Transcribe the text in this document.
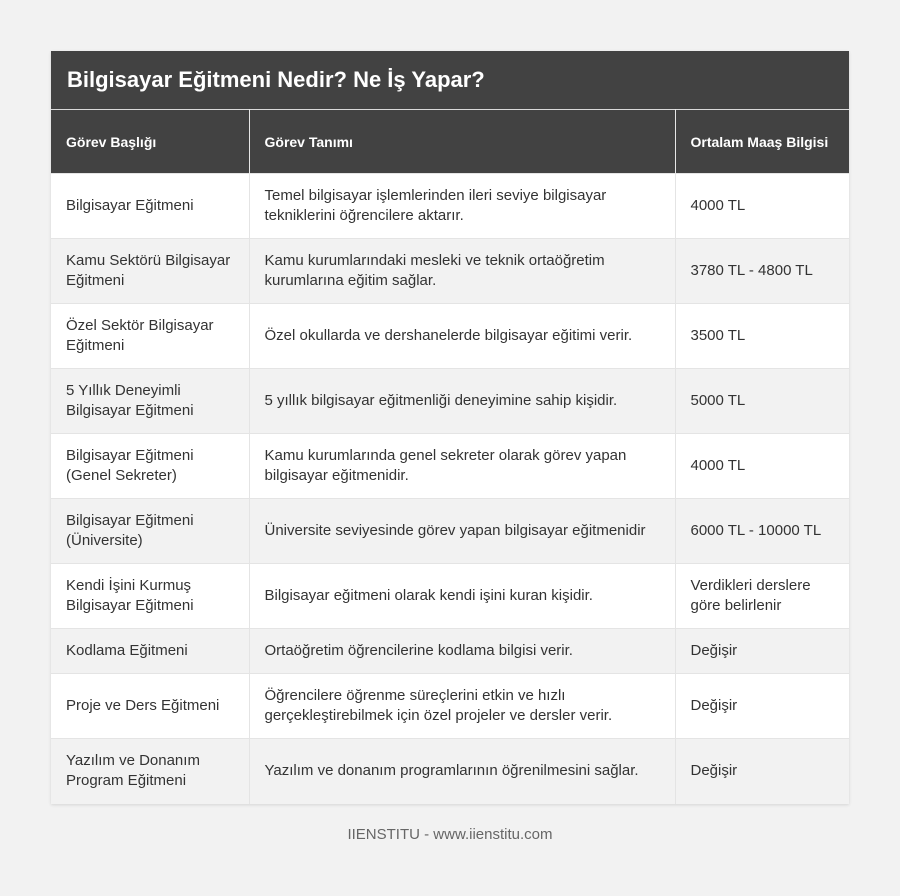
Bilgisayar Eğitmeni Nedir? Ne İş Yapar?
Görev Başlığı	Görev Tanımı	Ortalam Maaş Bilgisi
Bilgisayar Eğitmeni	Temel bilgisayar işlemlerinden ileri seviye bilgisayar tekniklerini öğrencilere aktarır.	4000 TL
Kamu Sektörü Bilgisayar Eğitmeni	Kamu kurumlarındaki mesleki ve teknik ortaöğretim kurumlarına eğitim sağlar.	3780 TL - 4800 TL
Özel Sektör Bilgisayar Eğitmeni	Özel okullarda ve dershanelerde bilgisayar eğitimi verir.	3500 TL
5 Yıllık Deneyimli Bilgisayar Eğitmeni	5 yıllık bilgisayar eğitmenliği deneyimine sahip kişidir.	5000 TL
Bilgisayar Eğitmeni (Genel Sekreter)	Kamu kurumlarında genel sekreter olarak görev yapan bilgisayar eğitmenidir.	4000 TL
Bilgisayar Eğitmeni (Üniversite)	Üniversite seviyesinde görev yapan bilgisayar eğitmenidir	6000 TL - 10000 TL
Kendi İşini Kurmuş Bilgisayar Eğitmeni	Bilgisayar eğitmeni olarak kendi işini kuran kişidir.	Verdikleri derslere göre belirlenir
Kodlama Eğitmeni	Ortaöğretim öğrencilerine kodlama bilgisi verir.	Değişir
Proje ve Ders Eğitmeni	Öğrencilere öğrenme süreçlerini etkin ve hızlı gerçekleştirebilmek için özel projeler ve dersler verir.	Değişir
Yazılım ve Donanım Program Eğitmeni	Yazılım ve donanım programlarının öğrenilmesini sağlar.	Değişir
IIENSTITU - www.iienstitu.com
